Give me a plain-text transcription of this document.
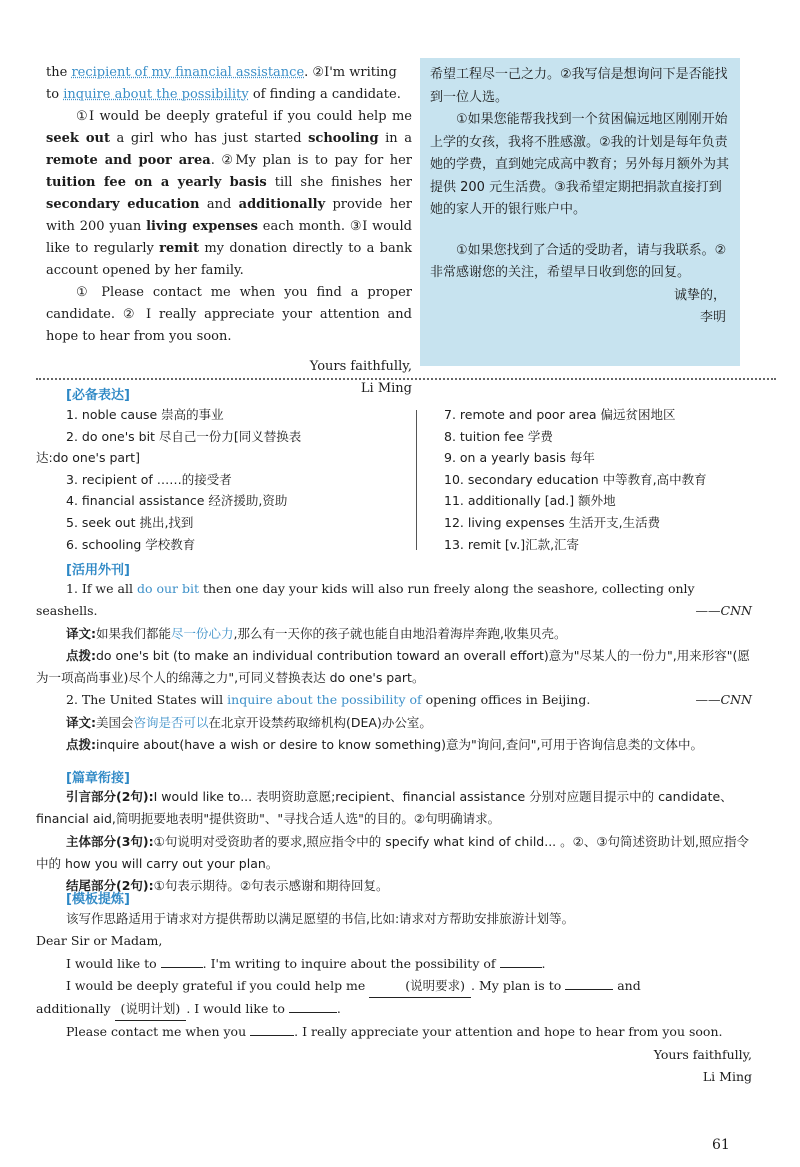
the recipient of my financial assistance. ②I'm writing to inquire about the possibility of finding a candidate.

①I would be deeply grateful if you could help me seek out a girl who has just started schooling in a remote and poor area. ②My plan is to pay for her tuition fee on a yearly basis till she finishes her secondary education and additionally provide her with 200 yuan living expenses each month. ③I would like to regularly remit my donation directly to a bank account opened by her family.

① Please contact me when you find a proper candidate. ② I really appreciate your attention and hope to hear from you soon.

Yours faithfully,

Li Ming

希望工程尽一己之力。②我写信是想询问下是否能找到一位人选。

①如果您能帮我找到一个贫困偏远地区刚刚开始上学的女孩，我将不胜感激。②我的计划是每年负责她的学费，直到她完成高中教育；另外每月额外为其提供 200 元生活费。③我希望定期把捐款直接打到她的家人开的银行账户中。

①如果您找到了合适的受助者，请与我联系。②非常感谢您的关注，希望早日收到您的回复。

诚挚的，

李明

[必备表达]
1. noble cause 崇高的事业
2. do one's bit 尽自己一份力[同义替换表
达:do one's part]
3. recipient of ……的接受者
4. financial assistance 经济援助,资助
5. seek out 挑出,找到
6. schooling 学校教育
7. remote and poor area 偏远贫困地区
8. tuition fee 学费
9. on a yearly basis 每年
10. secondary education 中等教育,高中教育
11. additionally [ad.] 额外地
12. living expenses 生活开支,生活费
13. remit [v.]汇款,汇寄
[活用外刊]

1. If we all do our bit then one day your kids will also run freely along the seashore, collecting only seashells.	——CNN

译文:如果我们都能尽一份心力,那么有一天你的孩子就也能自由地沿着海岸奔跑,收集贝壳。

点拨:do one's bit (to make an individual contribution toward an overall effort)意为"尽某人的一份力",用来形容"(愿为一项高尚事业)尽个人的绵薄之力",可同义替换表达 do one's part。

2. The United States will inquire about the possibility of opening offices in Beijing.	——CNN

译文:美国会咨询是否可以在北京开设禁药取缔机构(DEA)办公室。

点拨:inquire about(have a wish or desire to know something)意为"询问,查问",可用于咨询信息类的文体中。

[篇章衔接]

引言部分(2句):I would like to... 表明资助意愿;recipient、financial assistance 分别对应题目提示中的 candidate、financial aid,简明扼要地表明"提供资助"、"寻找合适人选"的目的。②句明确请求。

主体部分(3句):①句说明对受资助者的要求,照应指令中的 specify what kind of child... 。②、③句简述资助计划,照应指令中的 how you will carry out your plan。

结尾部分(2句):①句表示期待。②句表示感谢和期待回复。

[模板提炼]

该写作思路适用于请求对方提供帮助以满足愿望的书信,比如:请求对方帮助安排旅游计划等。

Dear Sir or Madam,

I would like to	. I'm writing to inquire about the possibility of	.

I would be deeply grateful if you could help me	(说明要求) . My plan is to	and

additionally (说明计划) . I would like to	.

Please contact me when you	. I really appreciate your attention and hope to hear from you soon.

Yours faithfully,

Li Ming

61
